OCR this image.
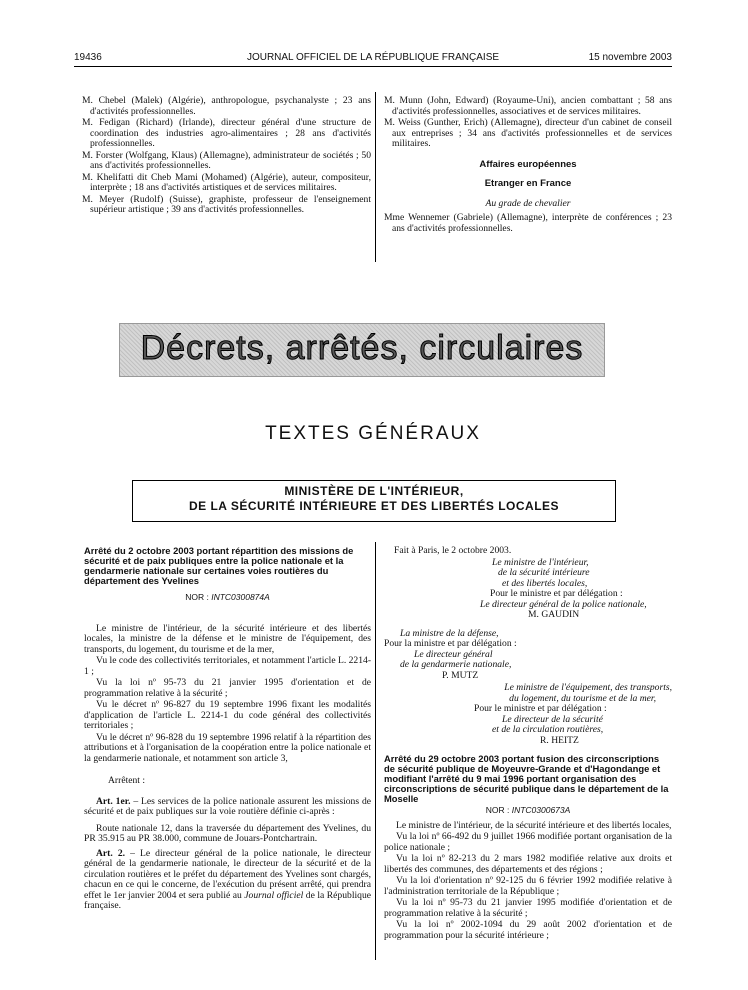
19436	JOURNAL OFFICIEL DE LA RÉPUBLIQUE FRANÇAISE	15 novembre 2003

M. Chebel (Malek) (Algérie), anthropologue, psychanalyste ; 23 ans d'activités professionnelles.

M. Fedigan (Richard) (Irlande), directeur général d'une structure de coordination des industries agro-alimentaires ; 28 ans d'activités professionnelles.

M. Forster (Wolfgang, Klaus) (Allemagne), administrateur de sociétés ; 50 ans d'activités professionnelles.

M. Khelifatti dit Cheb Mami (Mohamed) (Algérie), auteur, compositeur, interprète ; 18 ans d'activités artistiques et de services militaires.

M. Meyer (Rudolf) (Suisse), graphiste, professeur de l'enseignement supérieur artistique ; 39 ans d'activités professionnelles.

M. Munn (John, Edward) (Royaume-Uni), ancien combattant ; 58 ans d'activités professionnelles, associatives et de services militaires.

M. Weiss (Gunther, Erich) (Allemagne), directeur d'un cabinet de conseil aux entreprises ; 34 ans d'activités professionnelles et de services militaires.

Affaires européennes

Etranger en France

Au grade de chevalier

Mme Wennemer (Gabriele) (Allemagne), interprète de conférences ; 23 ans d'activités professionnelles.

Décrets, arrêtés, circulaires
TEXTES GÉNÉRAUX
MINISTÈRE DE L'INTÉRIEUR,
DE LA SÉCURITÉ INTÉRIEURE ET DES LIBERTÉS LOCALES

Arrêté du 2 octobre 2003 portant répartition des missions de sécurité et de paix publiques entre la police nationale et la gendarmerie nationale sur certaines voies routières du département des Yvelines

NOR : INTC0300874A

Le ministre de l'intérieur, de la sécurité intérieure et des libertés locales, la ministre de la défense et le ministre de l'équipement, des transports, du logement, du tourisme et de la mer,

Vu le code des collectivités territoriales, et notamment l'article L. 2214-1 ;

Vu la loi nº 95-73 du 21 janvier 1995 d'orientation et de programmation relative à la sécurité ;

Vu le décret nº 96-827 du 19 septembre 1996 fixant les modalités d'application de l'article L. 2214-1 du code général des collectivités territoriales ;

Vu le décret nº 96-828 du 19 septembre 1996 relatif à la répartition des attributions et à l'organisation de la coopération entre la police nationale et la gendarmerie nationale, et notamment son article 3,

Arrêtent :

Art. 1er. – Les services de la police nationale assurent les missions de sécurité et de paix publiques sur la voie routière définie ci-après :

Route nationale 12, dans la traversée du département des Yvelines, du PR 35.915 au PR 38.000, commune de Jouars-Pontchartrain.

Art. 2. – Le directeur général de la police nationale, le directeur général de la gendarmerie nationale, le directeur de la sécurité et de la circulation routières et le préfet du département des Yvelines sont chargés, chacun en ce qui le concerne, de l'exécution du présent arrêté, qui prendra effet le 1er janvier 2004 et sera publié au Journal officiel de la République française.

Fait à Paris, le 2 octobre 2003.

Le ministre de l'intérieur,
de la sécurité intérieure
et des libertés locales,
Pour le ministre et par délégation :
Le directeur général de la police nationale,
M. GAUDIN
La ministre de la défense,
Pour la ministre et par délégation :
Le directeur général
de la gendarmerie nationale,
P. MUTZ
Le ministre de l'équipement, des transports,
du logement, du tourisme et de la mer,
Pour le ministre et par délégation :
Le directeur de la sécurité
et de la circulation routières,
R. HEITZ

Arrêté du 29 octobre 2003 portant fusion des circonscriptions de sécurité publique de Moyeuvre-Grande et d'Hagondange et modifiant l'arrêté du 9 mai 1996 portant organisation des circonscriptions de sécurité publique dans le département de la Moselle

NOR : INTC0300673A

Le ministre de l'intérieur, de la sécurité intérieure et des libertés locales,

Vu la loi nº 66-492 du 9 juillet 1966 modifiée portant organisation de la police nationale ;

Vu la loi nº 82-213 du 2 mars 1982 modifiée relative aux droits et libertés des communes, des départements et des régions ;

Vu la loi d'orientation nº 92-125 du 6 février 1992 modifiée relative à l'administration territoriale de la République ;

Vu la loi nº 95-73 du 21 janvier 1995 modifiée d'orientation et de programmation relative à la sécurité ;

Vu la loi nº 2002-1094 du 29 août 2002 d'orientation et de programmation pour la sécurité intérieure ;
